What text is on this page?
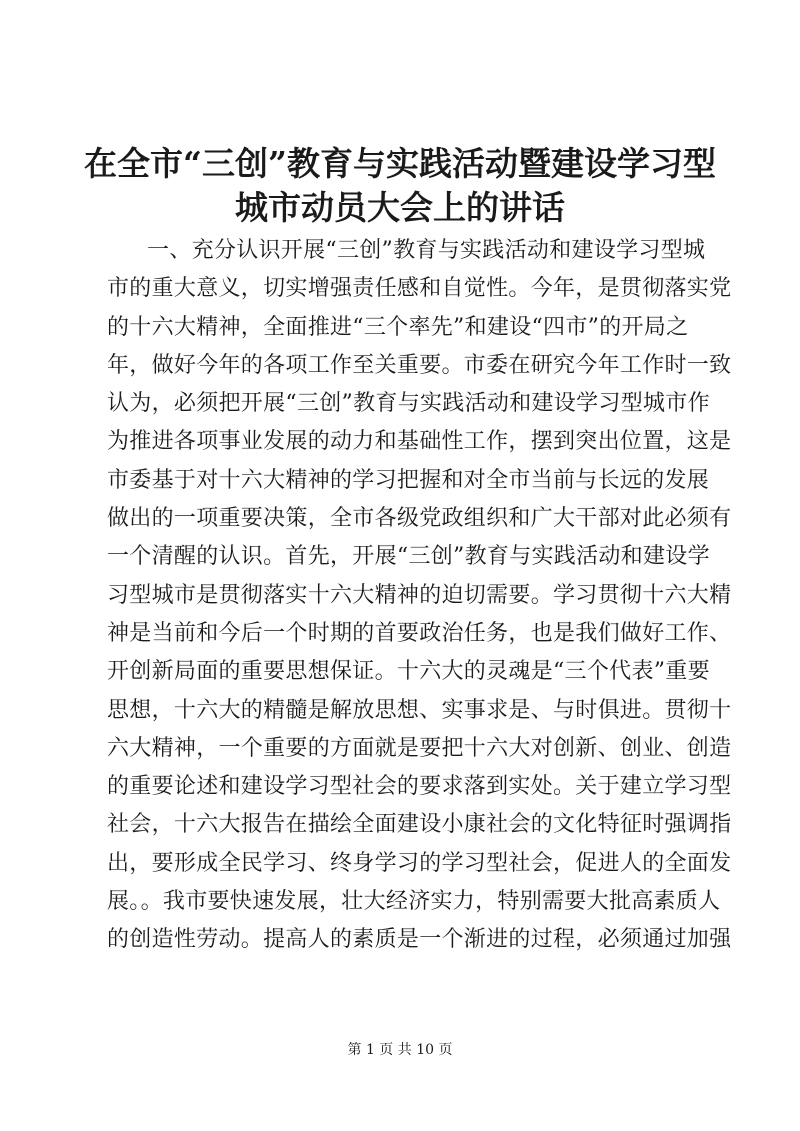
在全市“三创”教育与实践活动暨建设学习型
城市动员大会上的讲话
一、充分认识开展“三创”教育与实践活动和建设学习型城
市的重大意义，切实增强责任感和自觉性。今年，是贯彻落实党
的十六大精神，全面推进“三个率先”和建设“四市”的开局之
年，做好今年的各项工作至关重要。市委在研究今年工作时一致
认为，必须把开展“三创”教育与实践活动和建设学习型城市作
为推进各项事业发展的动力和基础性工作，摆到突出位置，这是
市委基于对十六大精神的学习把握和对全市当前与长远的发展
做出的一项重要决策，全市各级党政组织和广大干部对此必须有
一个清醒的认识。首先，开展“三创”教育与实践活动和建设学
习型城市是贯彻落实十六大精神的迫切需要。学习贯彻十六大精
神是当前和今后一个时期的首要政治任务，也是我们做好工作、
开创新局面的重要思想保证。十六大的灵魂是“三个代表”重要
思想，十六大的精髓是解放思想、实事求是、与时俱进。贯彻十
六大精神，一个重要的方面就是要把十六大对创新、创业、创造
的重要论述和建设学习型社会的要求落到实处。关于建立学习型
社会，十六大报告在描绘全面建设小康社会的文化特征时强调指
出，要形成全民学习、终身学习的学习型社会，促进人的全面发
展。。我市要快速发展，壮大经济实力，特别需要大批高素质人
的创造性劳动。提高人的素质是一个渐进的过程，必须通过加强
第 1 页 共 10 页
